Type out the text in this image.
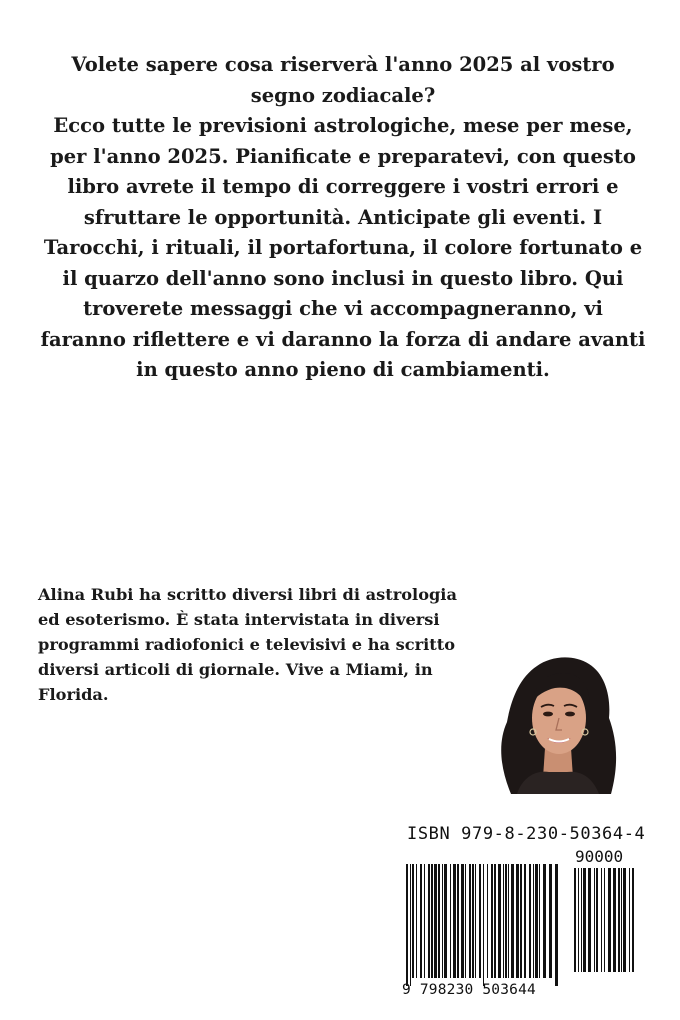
Volete sapere cosa riserverà l'anno 2025 al vostro segno zodiacale?

Ecco tutte le previsioni astrologiche, mese per mese, per l'anno 2025. Pianificate e preparatevi, con questo libro avrete il tempo di correggere i vostri errori e sfruttare le opportunità. Anticipate gli eventi. I Tarocchi, i rituali, il portafortuna, il colore fortunato e il quarzo dell'anno sono inclusi in questo libro. Qui troverete messaggi che vi accompagneranno, vi faranno riflettere e vi daranno la forza di andare avanti in questo anno pieno di cambiamenti.

Alina Rubi ha scritto diversi libri di astrologia ed esoterismo. È stata intervistata in diversi programmi radiofonici e televisivi e ha scritto diversi articoli di giornale. Vive a Miami, in Florida.

ISBN 979-8-230-50364-4
90000
9 798230 503644
